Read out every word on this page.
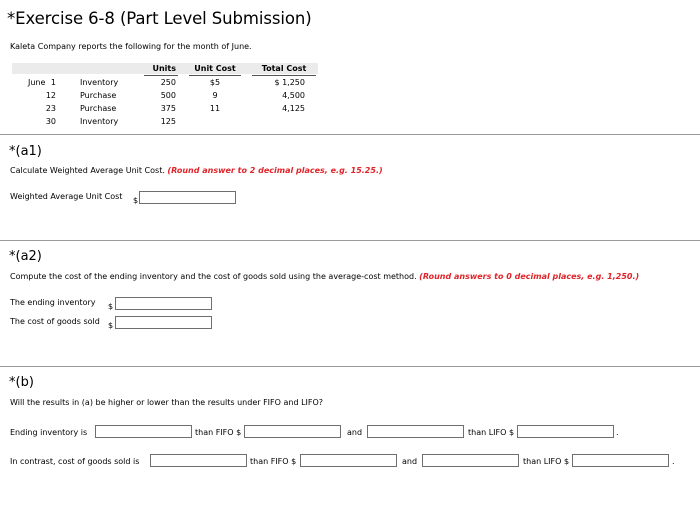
*Exercise 6-8 (Part Level Submission)
Kaleta Company reports the following for the month of June.
Units	Unit Cost	Total Cost
June 1	Inventory	250	$5	$ 1,250
12	Purchase	500	9	4,500
23	Purchase	375	11	4,125
30	Inventory	125
*(a1)
Calculate Weighted Average Unit Cost. (Round answer to 2 decimal places, e.g. 15.25.)
Weighted Average Unit Cost $
*(a2)
Compute the cost of the ending inventory and the cost of goods sold using the average-cost method. (Round answers to 0 decimal places, e.g. 1,250.)
The ending inventory $
The cost of goods sold $
*(b)
Will the results in (a) be higher or lower than the results under FIFO and LIFO?
Ending inventory is	than FIFO $	and	than LIFO $	.
In contrast, cost of goods sold is	than FIFO $	and	than LIFO $	.
